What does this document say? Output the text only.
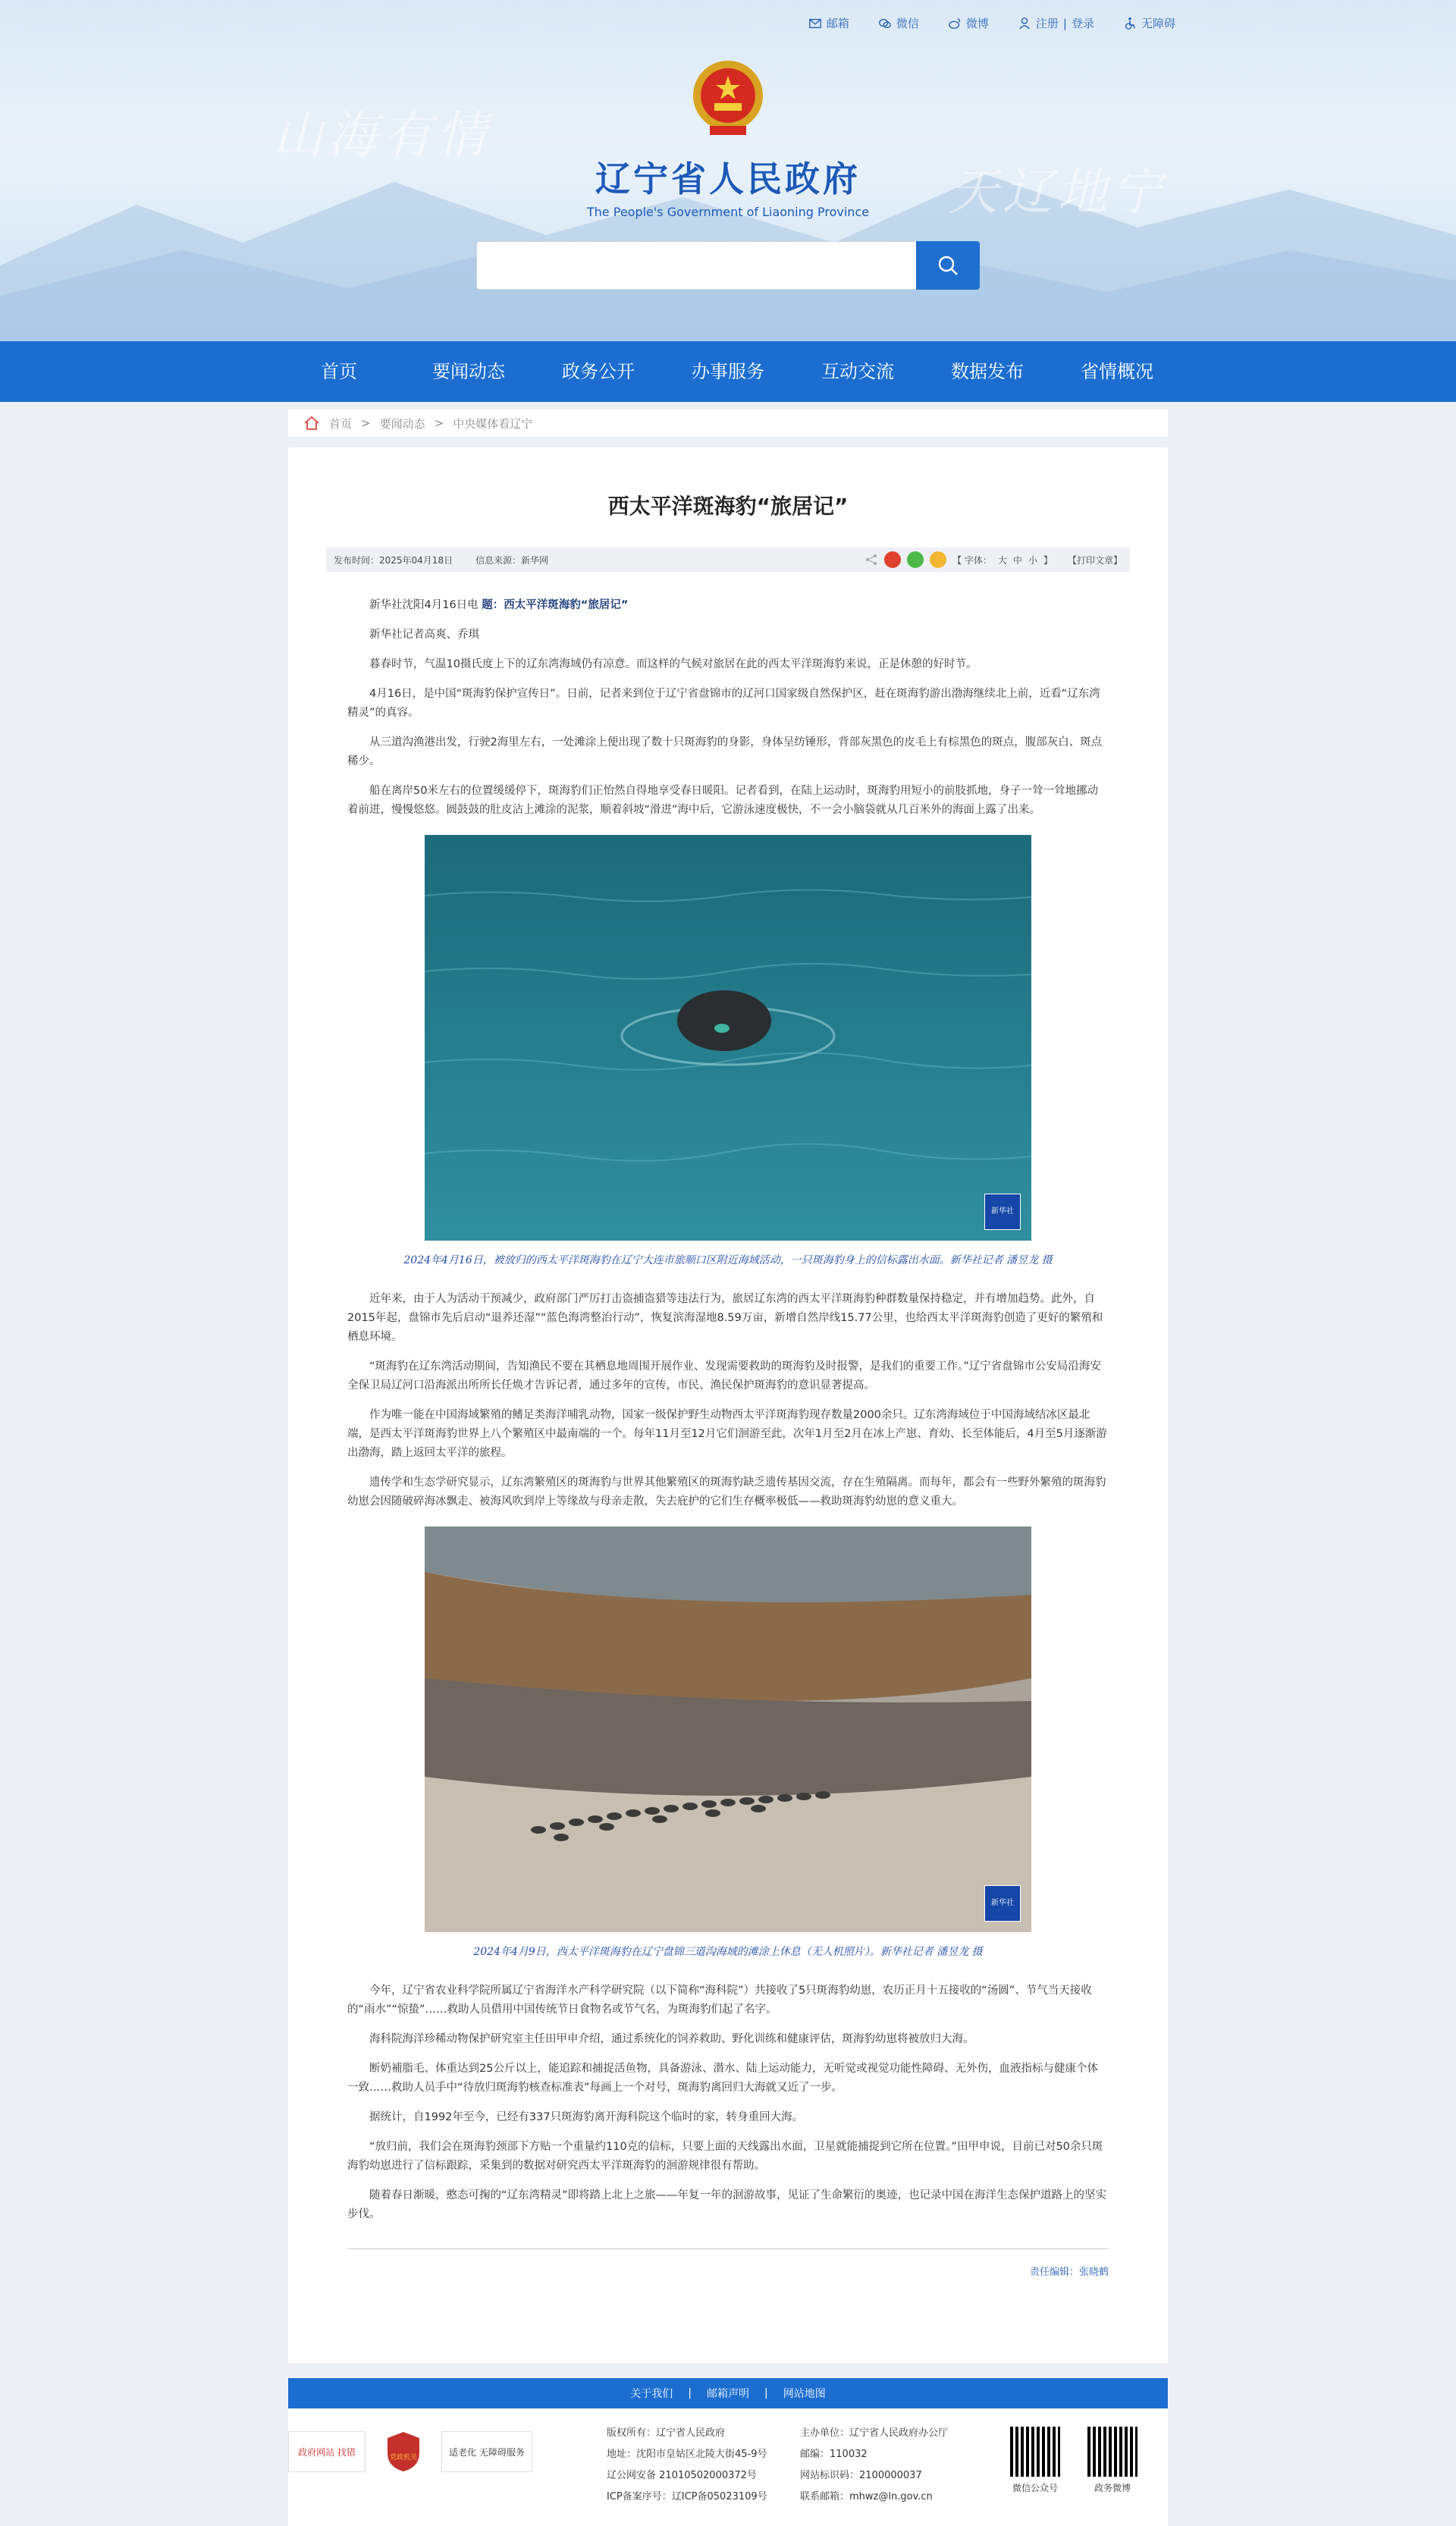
邮箱	微信	微博	注册 | 登录	无障碍
山海有情
天辽地宁
辽宁省人民政府
The People's Government of Liaoning Province
首页	要闻动态	政务公开	办事服务	互动交流	数据发布	省情概况
首页 > 要闻动态 > 中央媒体看辽宁
西太平洋斑海豹“旅居记”
发布时间：2025年04月18日	信息来源：新华网	【 字体： 大 中 小 】 【打印文章】

新华社沈阳4月16日电 题：西太平洋斑海豹“旅居记”

新华社记者高爽、乔琪

暮春时节，气温10摄氏度上下的辽东湾海域仍有凉意。而这样的气候对旅居在此的西太平洋斑海豹来说，正是休憩的好时节。

4月16日，是中国“斑海豹保护宣传日”。日前，记者来到位于辽宁省盘锦市的辽河口国家级自然保护区，赶在斑海豹游出渤海继续北上前，近看“辽东湾精灵”的真容。

从三道沟渔港出发，行驶2海里左右，一处滩涂上便出现了数十只斑海豹的身影，身体呈纺锤形，背部灰黑色的皮毛上有棕黑色的斑点，腹部灰白、斑点稀少。

船在离岸50米左右的位置缓缓停下，斑海豹们正怡然自得地享受春日暖阳。记者看到，在陆上运动时，斑海豹用短小的前肢抓地，身子一耸一耸地挪动着前进，慢慢悠悠。圆鼓鼓的肚皮沾上滩涂的泥浆，顺着斜坡“滑进”海中后，它游泳速度极快，不一会小脑袋就从几百米外的海面上露了出来。

新华社
2024年4月16日，被放归的西太平洋斑海豹在辽宁大连市旅顺口区附近海域活动，一只斑海豹身上的信标露出水面。新华社记者 潘昱龙 摄

近年来，由于人为活动干预减少，政府部门严厉打击盗捕盗猎等违法行为，旅居辽东湾的西太平洋斑海豹种群数量保持稳定，并有增加趋势。此外，自2015年起，盘锦市先后启动“退养还湿”“蓝色海湾整治行动”，恢复滨海湿地8.59万亩，新增自然岸线15.77公里，也给西太平洋斑海豹创造了更好的繁殖和栖息环境。

“斑海豹在辽东湾活动期间，告知渔民不要在其栖息地周围开展作业、发现需要救助的斑海豹及时报警，是我们的重要工作。”辽宁省盘锦市公安局沿海安全保卫局辽河口沿海派出所所长任焕才告诉记者，通过多年的宣传，市民、渔民保护斑海豹的意识显著提高。

作为唯一能在中国海域繁殖的鳍足类海洋哺乳动物，国家一级保护野生动物西太平洋斑海豹现存数量2000余只。辽东湾海域位于中国海域结冰区最北端，是西太平洋斑海豹世界上八个繁殖区中最南端的一个。每年11月至12月它们洄游至此，次年1月至2月在冰上产崽、育幼、长至体能后，4月至5月逐渐游出渤海，踏上返回太平洋的旅程。

遗传学和生态学研究显示，辽东湾繁殖区的斑海豹与世界其他繁殖区的斑海豹缺乏遗传基因交流，存在生殖隔离。而每年，都会有一些野外繁殖的斑海豹幼崽会因随破碎海冰飘走、被海风吹到岸上等缘故与母亲走散，失去庇护的它们生存概率极低——救助斑海豹幼崽的意义重大。

新华社
2024年4月9日，西太平洋斑海豹在辽宁盘锦三道沟海域的滩涂上休息（无人机照片）。新华社记者 潘昱龙 摄

今年，辽宁省农业科学院所属辽宁省海洋水产科学研究院（以下简称“海科院”）共接收了5只斑海豹幼崽，农历正月十五接收的“汤圆”、节气当天接收的“雨水”“惊蛰”……救助人员借用中国传统节日食物名或节气名，为斑海豹们起了名字。

海科院海洋珍稀动物保护研究室主任田甲申介绍，通过系统化的饲养救助、野化训练和健康评估，斑海豹幼崽将被放归大海。

断奶補脂毛、体重达到25公斤以上，能追踪和捕捉活鱼物，具备游泳、潜水、陆上运动能力，无听觉或视觉功能性障碍、无外伤，血液指标与健康个体一致……救助人员手中“待放归斑海豹核查标准表”每画上一个对号，斑海豹离回归大海就又近了一步。

据统计，自1992年至今，已经有337只斑海豹离开海科院这个临时的家，转身重回大海。

“放归前，我们会在斑海豹颈部下方贴一个重量约110克的信标，只要上面的天线露出水面，卫星就能捕捉到它所在位置。”田甲申说，目前已对50余只斑海豹幼崽进行了信标跟踪，采集到的数据对研究西太平洋斑海豹的洄游规律很有帮助。

随着春日渐暖，憨态可掬的“辽东湾精灵”即将踏上北上之旅——年复一年的洄游故事，见证了生命繁衍的奥迹，也记录中国在海洋生态保护道路上的坚实步伐。

责任编辑：张晓鹤
关于我们 | 邮箱声明 | 网站地图
政府网站 找错
党政机关
适老化 无障碍服务
版权所有：辽宁省人民政府	主办单位：辽宁省人民政府办公厅
地址：沈阳市皇姑区北陵大街45-9号	邮编：110032
辽公网安备 21010502000372号	网站标识码：2100000037
ICP备案序号：辽ICP备05023109号	联系邮箱：mhwz@ln.gov.cn
微信公众号	政务微博
